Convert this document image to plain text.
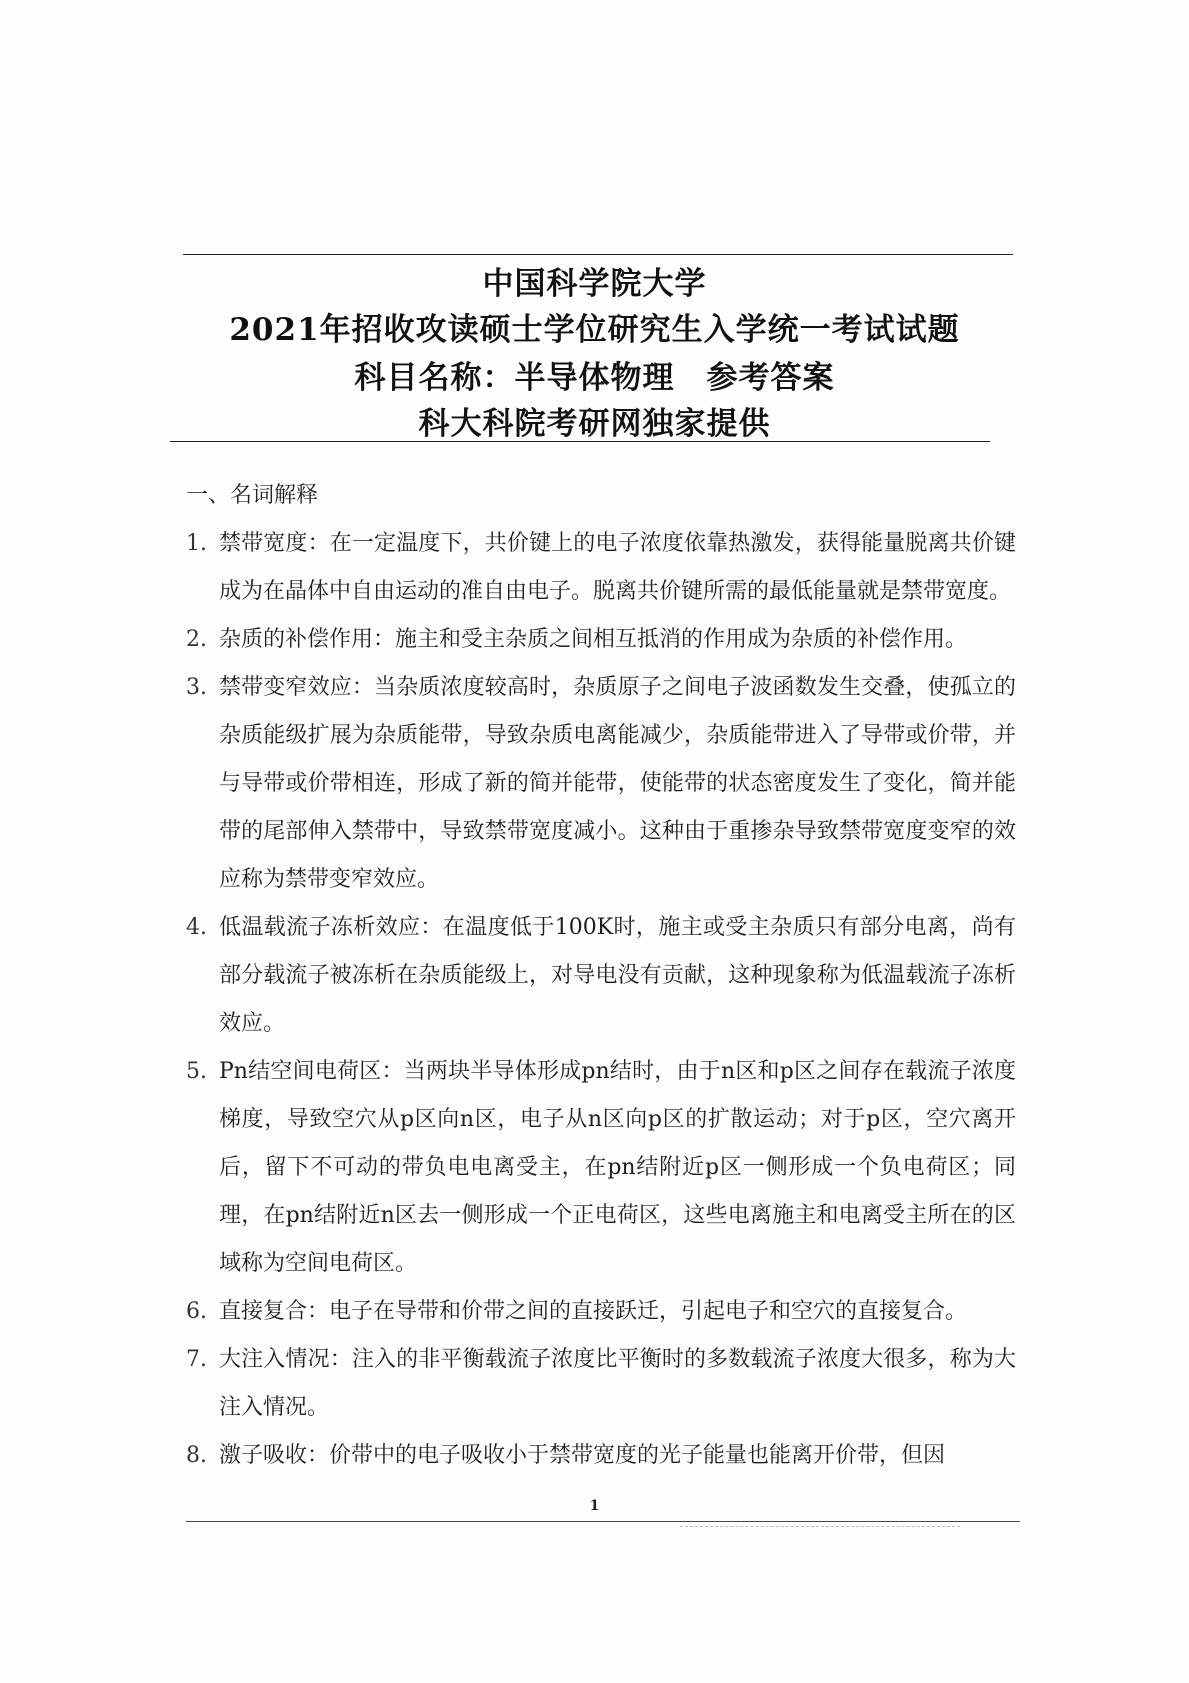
中国科学院大学
2021年招收攻读硕士学位研究生入学统一考试试题
科目名称：半导体物理　参考答案
科大科院考研网独家提供
一、名词解释
1. 禁带宽度：在一定温度下，共价键上的电子浓度依靠热激发，获得能量脱离共价键成为在晶体中自由运动的准自由电子。脱离共价键所需的最低能量就是禁带宽度。
2. 杂质的补偿作用：施主和受主杂质之间相互抵消的作用成为杂质的补偿作用。
3. 禁带变窄效应：当杂质浓度较高时，杂质原子之间电子波函数发生交叠，使孤立的杂质能级扩展为杂质能带，导致杂质电离能减少，杂质能带进入了导带或价带，并与导带或价带相连，形成了新的简并能带，使能带的状态密度发生了变化，简并能带的尾部伸入禁带中，导致禁带宽度减小。这种由于重掺杂导致禁带宽度变窄的效应称为禁带变窄效应。
4. 低温载流子冻析效应：在温度低于100K时，施主或受主杂质只有部分电离，尚有部分载流子被冻析在杂质能级上，对导电没有贡献，这种现象称为低温载流子冻析效应。
5. Pn结空间电荷区：当两块半导体形成pn结时，由于n区和p区之间存在载流子浓度梯度，导致空穴从p区向n区，电子从n区向p区的扩散运动；对于p区，空穴离开后，留下不可动的带负电电离受主，在pn结附近p区一侧形成一个负电荷区；同理，在pn结附近n区去一侧形成一个正电荷区，这些电离施主和电离受主所在的区域称为空间电荷区。
6. 直接复合：电子在导带和价带之间的直接跃迁，引起电子和空穴的直接复合。
7. 大注入情况：注入的非平衡载流子浓度比平衡时的多数载流子浓度大很多，称为大注入情况。
8. 激子吸收：价带中的电子吸收小于禁带宽度的光子能量也能离开价带，但因
1
